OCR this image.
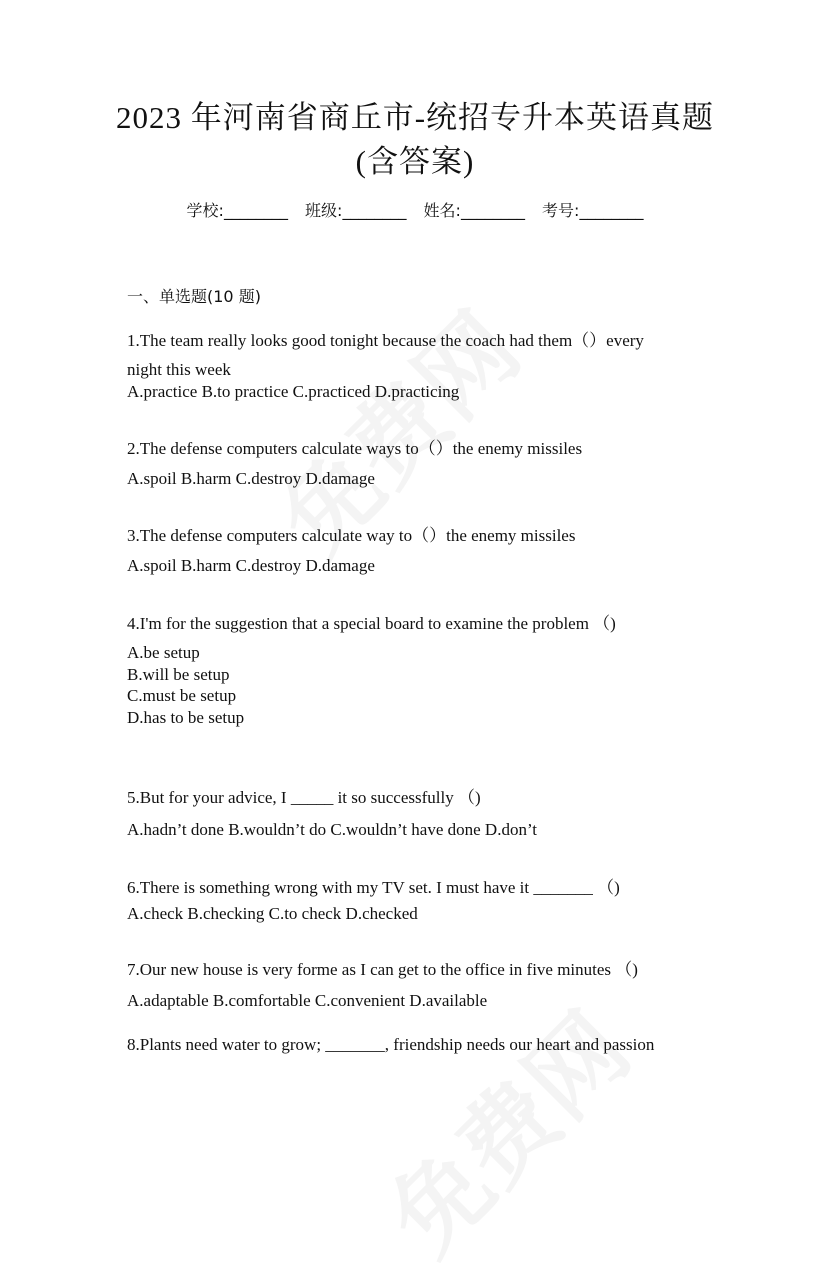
2023 年河南省商丘市-统招专升本英语真题
(含答案)
学校:________ 班级:________ 姓名:________ 考号:________
一、单选题(10 题)
1.The team really looks good tonight because the coach had them（）every
night this week
A.practice B.to practice C.practiced D.practicing
2.The defense computers calculate ways to（）the enemy missiles
A.spoil B.harm C.destroy D.damage
3.The defense computers calculate way to（）the enemy missiles
A.spoil B.harm C.destroy D.damage
4.I'm for the suggestion that a special board to examine the problem （)
A.be setup
B.will be setup
C.must be setup
D.has to be setup
5.But for your advice, I _____ it so successfully （)
A.hadn’t done B.wouldn’t do C.wouldn’t have done D.don’t
6.There is something wrong with my TV set. I must have it _______ （)
A.check B.checking C.to check D.checked
7.Our new house is very forme as I can get to the office in five minutes （)
A.adaptable B.comfortable C.convenient D.available
8.Plants need water to grow; _______, friendship needs our heart and passion
